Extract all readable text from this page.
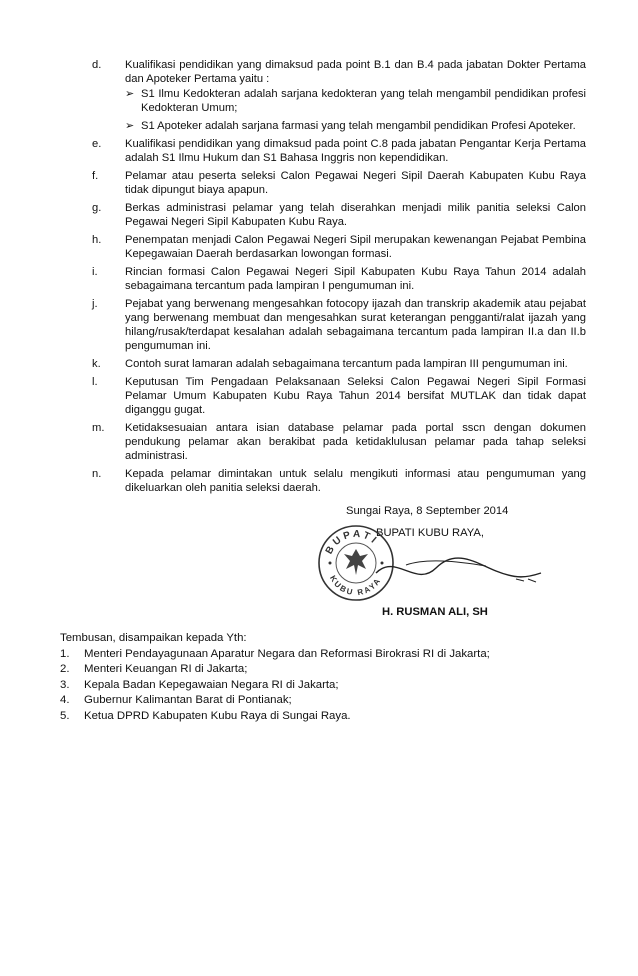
d.	Kualifikasi pendidikan yang dimaksud pada point B.1 dan B.4 pada jabatan Dokter Pertama dan Apoteker Pertama yaitu :
➢ S1 Ilmu Kedokteran adalah sarjana kedokteran yang telah mengambil pendidikan profesi Kedokteran Umum;
➢ S1 Apoteker adalah sarjana farmasi yang telah mengambil pendidikan Profesi Apoteker.
e.	Kualifikasi pendidikan yang dimaksud pada point C.8 pada jabatan Pengantar Kerja Pertama adalah S1 Ilmu Hukum dan S1 Bahasa Inggris non kependidikan.
f.	Pelamar atau peserta seleksi Calon Pegawai Negeri Sipil Daerah Kabupaten Kubu Raya tidak dipungut biaya apapun.
g.	Berkas administrasi pelamar yang telah diserahkan menjadi milik panitia seleksi Calon Pegawai Negeri Sipil Kabupaten Kubu Raya.
h.	Penempatan menjadi Calon Pegawai Negeri Sipil merupakan kewenangan Pejabat Pembina Kepegawaian Daerah berdasarkan lowongan formasi.
i.	Rincian formasi Calon Pegawai Negeri Sipil Kabupaten Kubu Raya Tahun 2014 adalah sebagaimana tercantum pada lampiran I pengumuman ini.
j.	Pejabat yang berwenang mengesahkan fotocopy ijazah dan transkrip akademik atau pejabat yang berwenang membuat dan mengesahkan surat keterangan pengganti/ralat ijazah yang hilang/rusak/terdapat kesalahan adalah sebagaimana tercantum pada lampiran II.a dan II.b pengumuman ini.
k.	Contoh surat lamaran adalah sebagaimana tercantum pada lampiran III pengumuman ini.
l.	Keputusan Tim Pengadaan Pelaksanaan Seleksi Calon Pegawai Negeri Sipil Formasi Pelamar Umum Kabupaten Kubu Raya Tahun 2014 bersifat MUTLAK dan tidak dapat diganggu gugat.
m.	Ketidaksesuaian antara isian database pelamar pada portal sscn dengan dokumen pendukung pelamar akan berakibat pada ketidaklulusan pelamar pada tahap seleksi administrasi.
n.	Kepada pelamar dimintakan untuk selalu mengikuti informasi atau pengumuman yang dikeluarkan oleh panitia seleksi daerah.
Sungai Raya, 8 September 2014
BUPATI KUBU RAYA,
BUPATI
KUBU RAYA
H. RUSMAN ALI, SH
Tembusan, disampaikan kepada Yth:
1.	Menteri Pendayagunaan Aparatur Negara dan Reformasi Birokrasi RI di Jakarta;
2.	Menteri Keuangan RI di Jakarta;
3.	Kepala Badan Kepegawaian Negara RI di Jakarta;
4.	Gubernur Kalimantan Barat di Pontianak;
5.	Ketua DPRD Kabupaten Kubu Raya di Sungai Raya.
